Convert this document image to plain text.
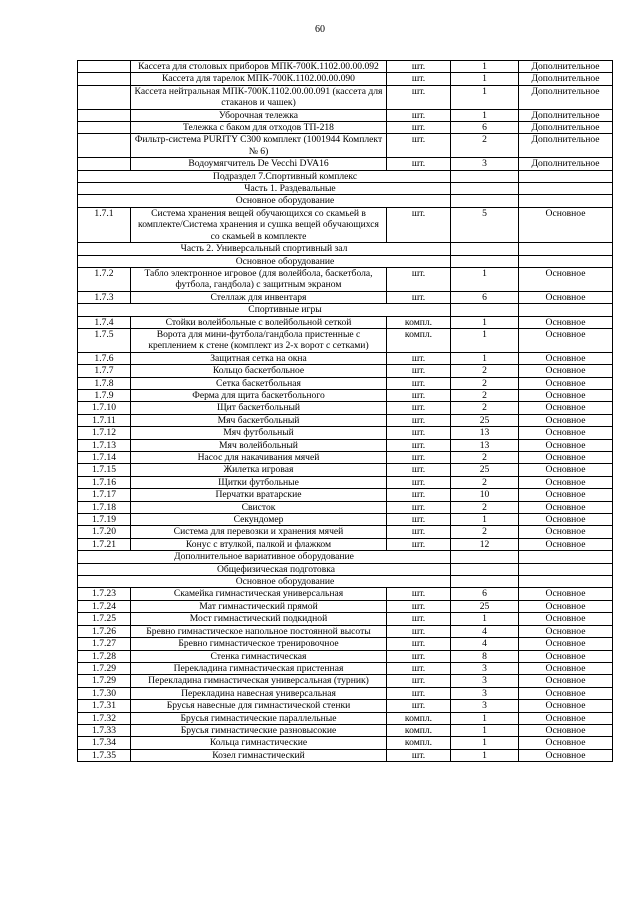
60
	Кассета для столовых приборов МПК-700К.1102.00.00.092	шт.	1	Дополнительное
	Кассета для тарелок МПК-700К.1102.00.00.090	шт.	1	Дополнительное
	Кассета нейтральная МПК-700К.1102.00.00.091 (кассета для стаканов и чашек)	шт.	1	Дополнительное
	Уборочная тележка	шт.	1	Дополнительное
	Тележка с баком для отходов ТП-218	шт.	6	Дополнительное
	Фильтр-система PURITY C300 комплект (1001944 Комплект № 6)	шт.	2	Дополнительное
	Водоумягчитель De Vecchi DVA16	шт.	3	Дополнительное
Подраздел 7.Спортивный комплекс				
Часть 1. Раздевальные				
Основное оборудование				
1.7.1	Система хранения вещей обучающихся со скамьей в комплекте/Система хранения и сушка вещей обучающихся со скамьей в комплекте	шт.	5	Основное
Часть 2. Универсальный спортивный зал				
Основное оборудование				
1.7.2	Табло электронное игровое (для волейбола, баскетбола, футбола, гандбола) с защитным экраном	шт.	1	Основное
1.7.3	Стеллаж для инвентаря	шт.	6	Основное
Спортивные игры				
1.7.4	Стойки волейбольные с волейбольной сеткой	компл.	1	Основное
1.7.5	Ворота для мини-футбола/гандбола пристенные с креплением к стене (комплект из 2-х ворот с сетками)	компл.	1	Основное
1.7.6	Защитная сетка на окна	шт.	1	Основное
1.7.7	Кольцо баскетбольное	шт.	2	Основное
1.7.8	Сетка баскетбольная	шт.	2	Основное
1.7.9	Ферма для щита баскетбольного	шт.	2	Основное
1.7.10	Щит баскетбольный	шт.	2	Основное
1.7.11	Мяч баскетбольный	шт.	25	Основное
1.7.12	Мяч футбольный	шт.	13	Основное
1.7.13	Мяч волейбольный	шт.	13	Основное
1.7.14	Насос для накачивания мячей	шт.	2	Основное
1.7.15	Жилетка игровая	шт.	25	Основное
1.7.16	Щитки футбольные	шт.	2	Основное
1.7.17	Перчатки вратарские	шт.	10	Основное
1.7.18	Свисток	шт.	2	Основное
1.7.19	Секундомер	шт.	1	Основное
1.7.20	Система для перевозки и хранения мячей	шт.	2	Основное
1.7.21	Конус с втулкой, палкой и флажком	шт.	12	Основное
Дополнительное вариативное оборудование				
Общефизическая подготовка				
Основное оборудование				
1.7.23	Скамейка гимнастическая универсальная	шт.	6	Основное
1.7.24	Мат гимнастический прямой	шт.	25	Основное
1.7.25	Мост гимнастический подкидной	шт.	1	Основное
1.7.26	Бревно гимнастическое напольное постоянной высоты	шт.	4	Основное
1.7.27	Бревно гимнастическое тренировочное	шт.	4	Основное
1.7.28	Стенка гимнастическая	шт.	8	Основное
1.7.29	Перекладина гимнастическая пристенная	шт.	3	Основное
1.7.29	Перекладина гимнастическая универсальная (турник)	шт.	3	Основное
1.7.30	Перекладина навесная универсальная	шт.	3	Основное
1.7.31	Брусья навесные для гимнастической стенки	шт.	3	Основное
1.7.32	Брусья гимнастические параллельные	компл.	1	Основное
1.7.33	Брусья гимнастические разновысокие	компл.	1	Основное
1.7.34	Кольца гимнастические	компл.	1	Основное
1.7.35	Козел гимнастический	шт.	1	Основное
